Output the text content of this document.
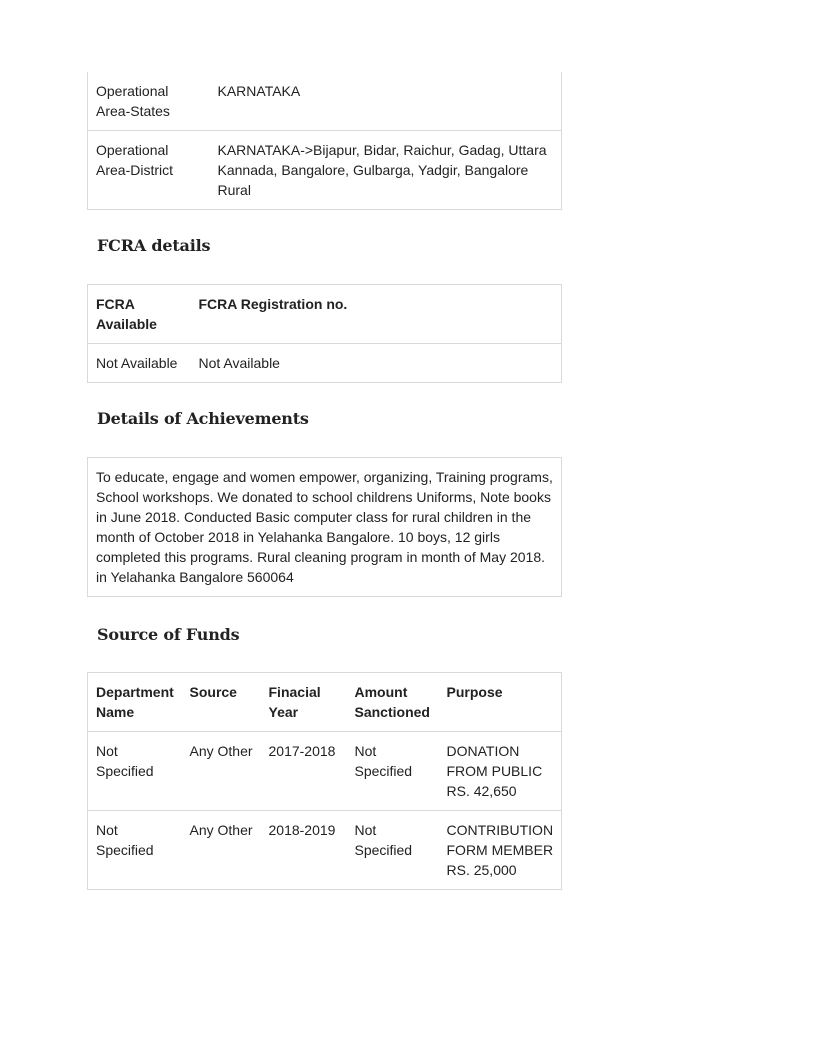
Operational Area-States	KARNATAKA
Operational Area-District	KARNATAKA->Bijapur, Bidar, Raichur, Gadag, Uttara Kannada, Bangalore, Gulbarga, Yadgir, Bangalore Rural
FCRA details
FCRA Available	FCRA Registration no.
Not Available	Not Available
Details of Achievements
To educate, engage and women empower, organizing, Training programs, School workshops. We donated to school childrens Uniforms, Note books in June 2018. Conducted Basic computer class for rural children in the month of October 2018 in Yelahanka Bangalore. 10 boys, 12 girls completed this programs. Rural cleaning program in month of May 2018. in Yelahanka Bangalore 560064
Source of Funds
Department Name	Source	Finacial Year	Amount Sanctioned	Purpose
Not Specified	Any Other	2017-2018	Not Specified	DONATION FROM PUBLIC RS. 42,650
Not Specified	Any Other	2018-2019	Not Specified	CONTRIBUTION FORM MEMBER RS. 25,000
